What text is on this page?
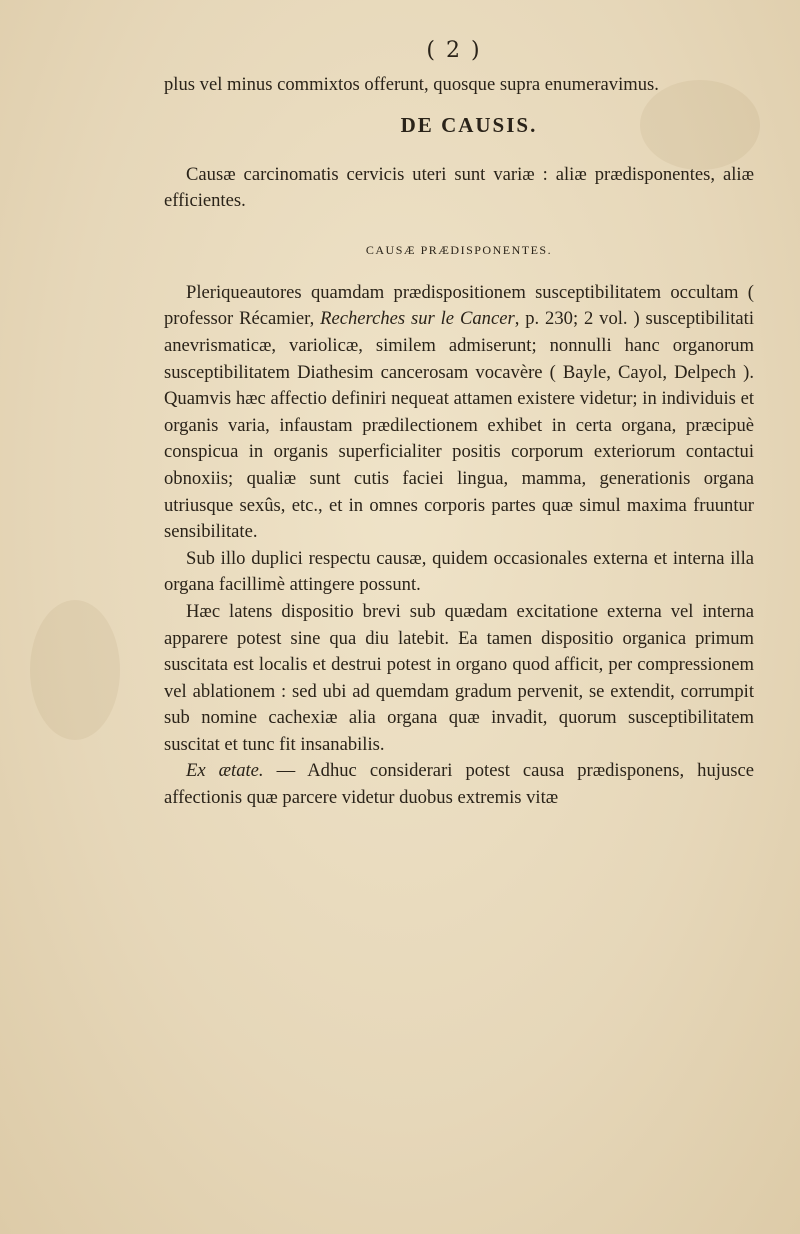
( 2 )

plus vel minus commixtos offerunt, quosque supra enumeravimus.

DE CAUSIS.

Causæ carcinomatis cervicis uteri sunt variæ : aliæ prædisponentes, aliæ efficientes.

CAUSÆ PRÆDISPONENTES.

Pleriqueautores quamdam prædispositionem susceptibilitatem occultam ( professor Récamier, Recherches sur le Cancer, p. 230; 2 vol. ) susceptibilitati anevrismaticæ, variolicæ, similem admiserunt; nonnulli hanc organorum susceptibilitatem Diathesim cancerosam vocavère ( Bayle, Cayol, Delpech ). Quamvis hæc affectio definiri nequeat attamen existere videtur; in individuis et organis varia, infaustam prædilectionem exhibet in certa organa, præcipuè conspicua in organis superficialiter positis corporum exteriorum contactui obnoxiis; qualiæ sunt cutis faciei lingua, mamma, generationis organa utriusque sexûs, etc., et in omnes corporis partes quæ simul maxima fruuntur sensibilitate.

Sub illo duplici respectu causæ, quidem occasionales externa et interna illa organa facillimè attingere possunt.

Hæc latens dispositio brevi sub quædam excitatione externa vel interna apparere potest sine qua diu latebit. Ea tamen dispositio organica primum suscitata est localis et destrui potest in organo quod afficit, per compressionem vel ablationem : sed ubi ad quemdam gradum pervenit, se extendit, corrumpit sub nomine cachexiæ alia organa quæ invadit, quorum susceptibilitatem suscitat et tunc fit insanabilis.

Ex ætate. — Adhuc considerari potest causa prædisponens, hujusce affectionis quæ parcere videtur duobus extremis vitæ
